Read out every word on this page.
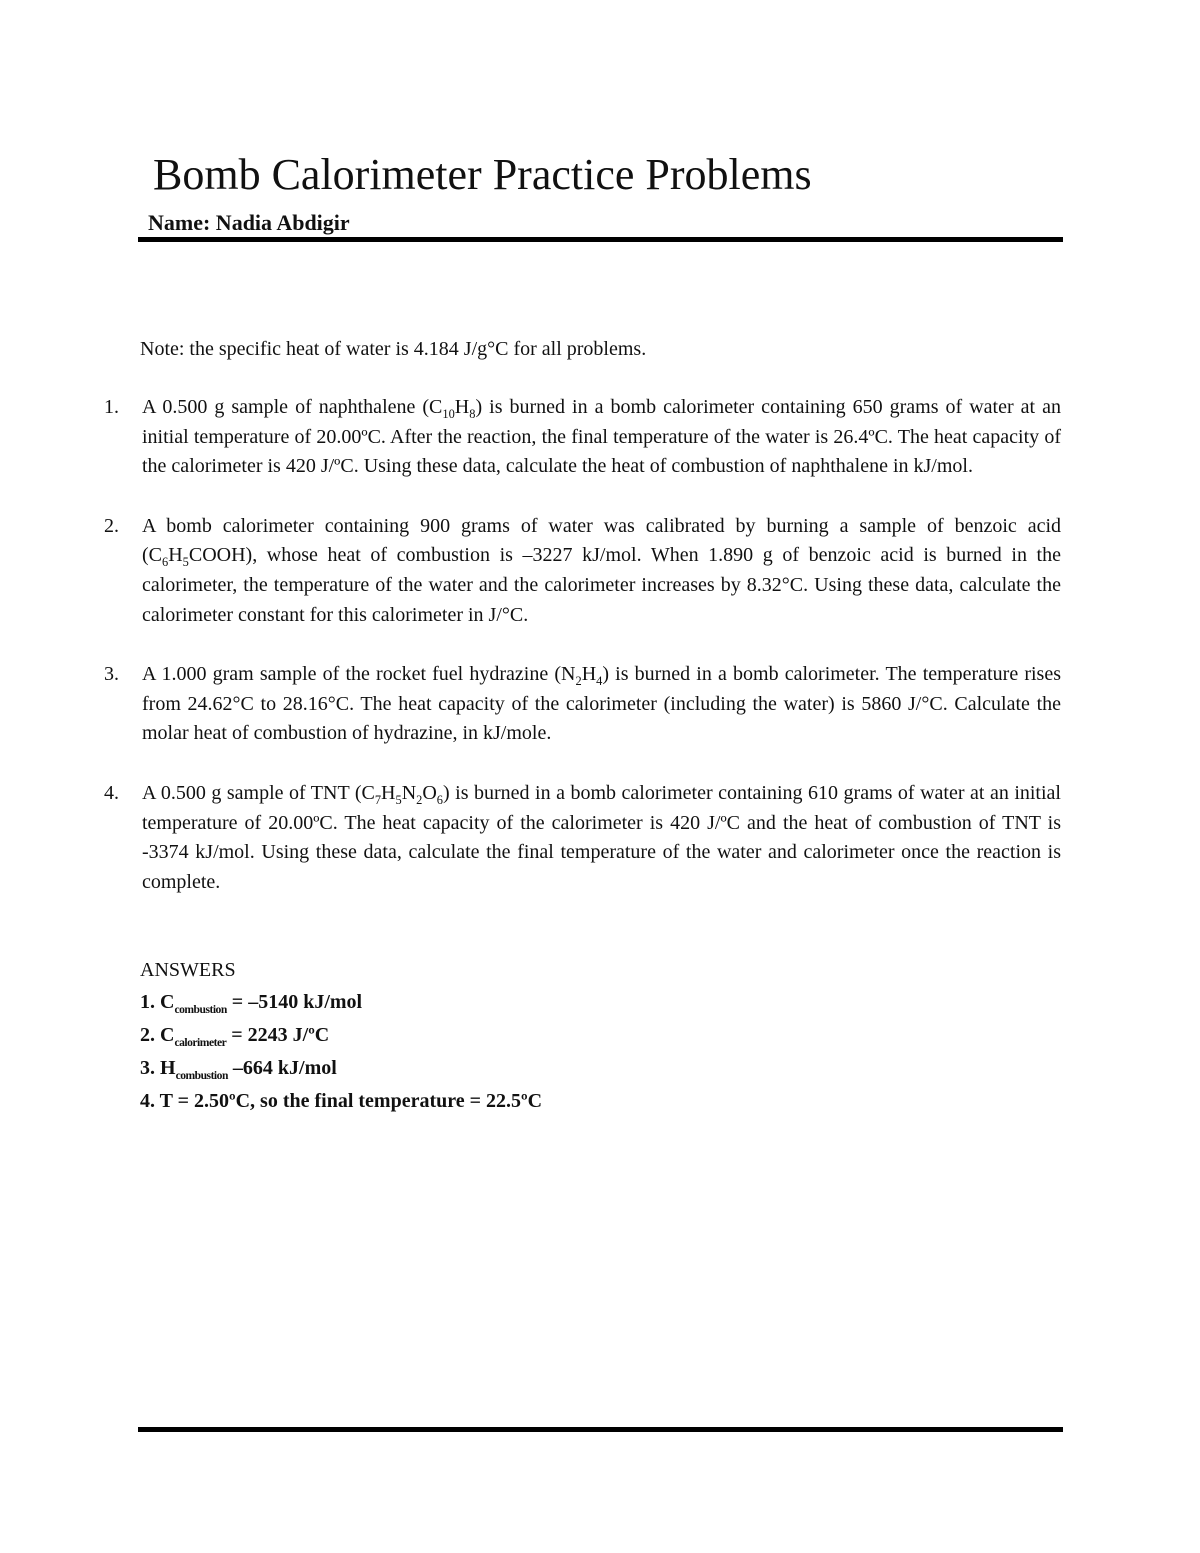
Bomb Calorimeter Practice Problems
Name: Nadia Abdigir
Note: the specific heat of water is 4.184 J/g°C for all problems.
1. A 0.500 g sample of naphthalene $(C_{10}H_8)$ is burned in a bomb calorimeter containing 650 grams of water at an initial temperature of 20.00ºC. After the reaction, the final temperature of the water is 26.4ºC. The heat capacity of the calorimeter is 420 J/ºC. Using these data, calculate the heat of combustion of naphthalene in kJ/mol.
2. A bomb calorimeter containing 900 grams of water was calibrated by burning a sample of benzoic acid $(C_6H_5COOH)$, whose heat of combustion is –3227 kJ/mol. When 1.890 g of benzoic acid is burned in the calorimeter, the temperature of the water and the calorimeter increases by 8.32°C. Using these data, calculate the calorimeter constant for this calorimeter in J/°C.
3. A 1.000 gram sample of the rocket fuel hydrazine $(N_2H_4)$ is burned in a bomb calorimeter. The temperature rises from 24.62°C to 28.16°C. The heat capacity of the calorimeter (including the water) is 5860 J/°C. Calculate the molar heat of combustion of hydrazine, in kJ/mole.
4. A 0.500 g sample of TNT $(C_7H_5N_2O_6)$ is burned in a bomb calorimeter containing 610 grams of water at an initial temperature of 20.00ºC. The heat capacity of the calorimeter is 420 J/ºC and the heat of combustion of TNT is -3374 kJ/mol. Using these data, calculate the final temperature of the water and calorimeter once the reaction is complete.
ANSWERS
1. $C_{combustion} = -5140$ kJ/mol
2. $C_{calorimeter} = 2243$ J/ºC
3. $H_{combustion}$ –664 kJ/mol
4. T = 2.50ºC, so the final temperature = 22.5ºC
